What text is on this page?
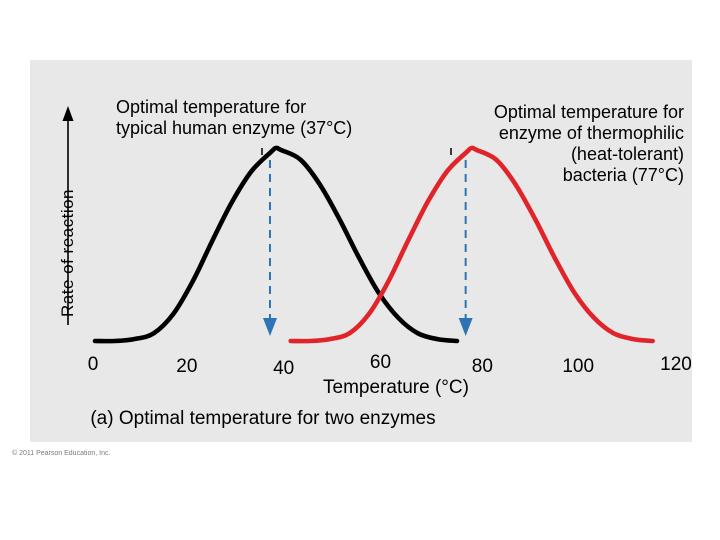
Rate of reaction
0	20	40	60	80	100	120
Temperature (°C)
(a) Optimal temperature for two enzymes
© 2011 Pearson Education, Inc.
Optimal temperature for
typical human enzyme (37°C)
Optimal temperature for
enzyme of thermophilic
(heat-tolerant)
bacteria (77°C)
